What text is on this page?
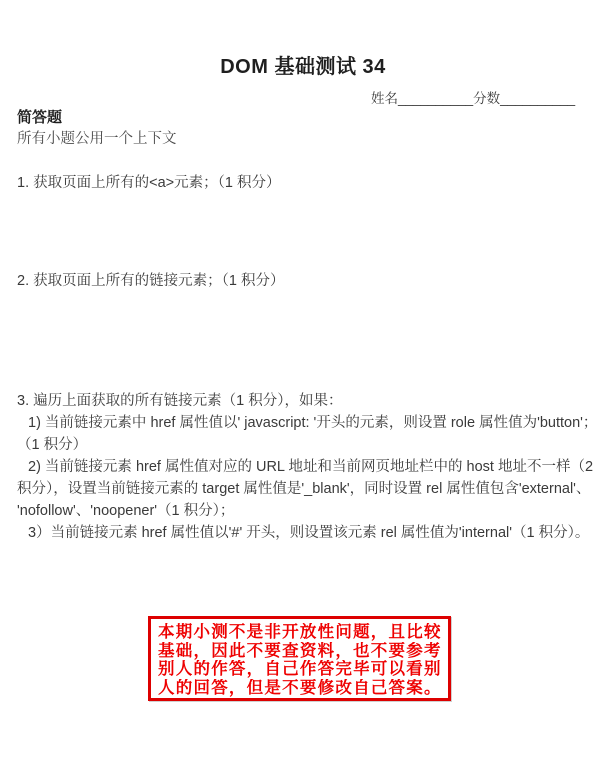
DOM 基础测试 34
姓名__________分数__________
简答题
所有小题公用一个上下文
1. 获取页面上所有的<a>元素；（1 积分）
2. 获取页面上所有的链接元素；（1 积分）
3. 遍历上面获取的所有链接元素（1 积分），如果：
1) 当前链接元素中 href 属性值以' javascript: '开头的元素，则设置 role 属性值为'button'；
（1 积分）
2) 当前链接元素 href 属性值对应的 URL 地址和当前网页地址栏中的 host 地址不一样（2
积分），设置当前链接元素的 target 属性值是'_blank'，同时设置 rel 属性值包含'external'、
'nofollow'、'noopener'（1 积分）；
3）当前链接元素 href 属性值以'#' 开头，则设置该元素 rel 属性值为'internal'（1 积分）。
本期小测不是非开放性问题，且比较
基础，因此不要查资料，也不要参考
别人的作答，自己作答完毕可以看别
人的回答，但是不要修改自己答案。
